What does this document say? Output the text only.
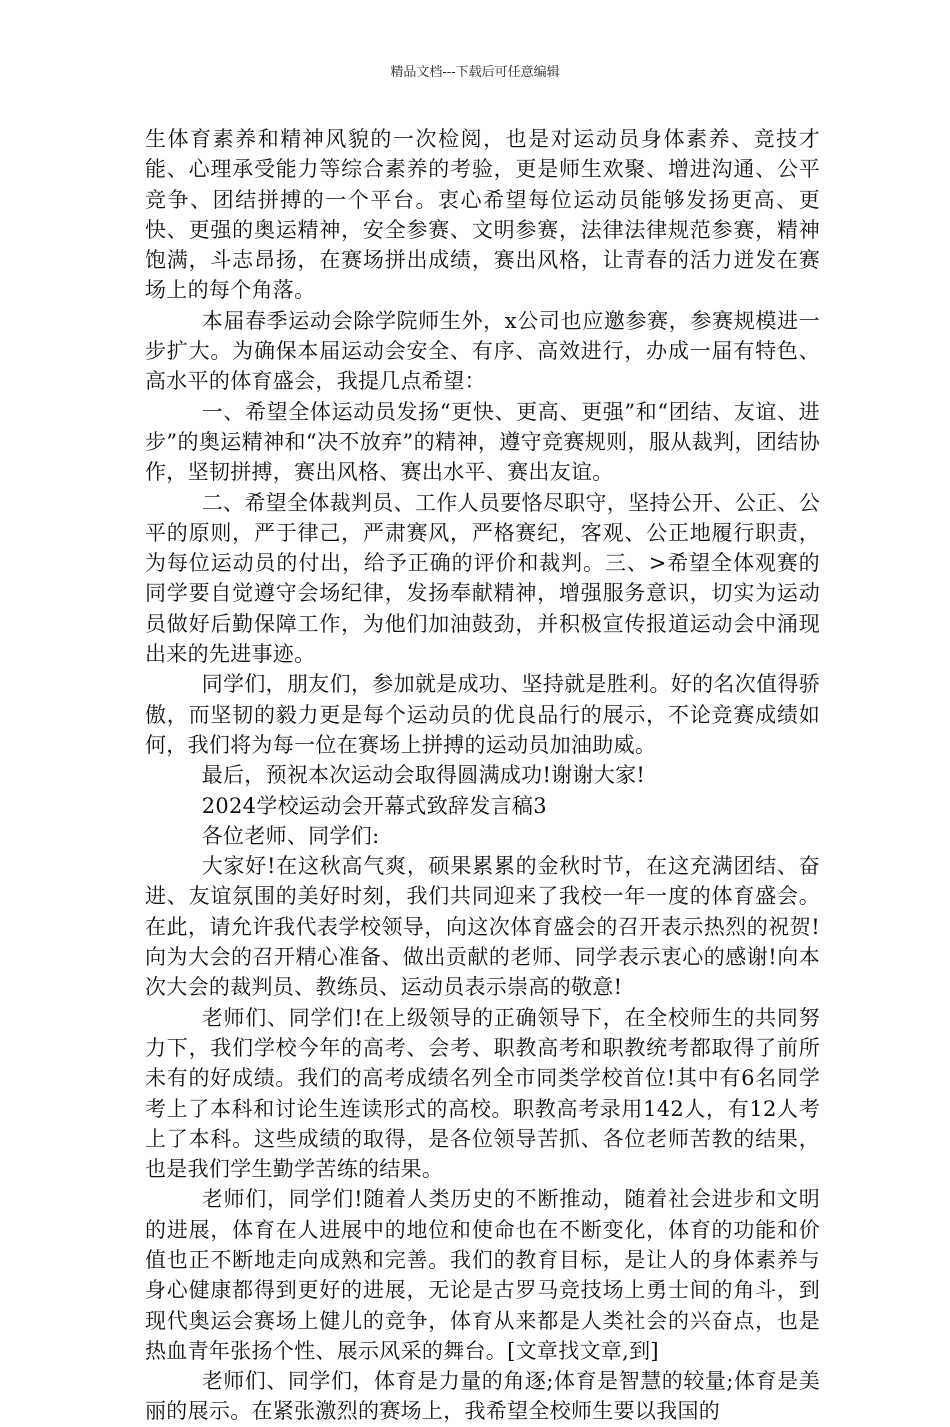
精品文档---下载后可任意编辑

生体育素养和精神风貌的一次检阅，也是对运动员身体素养、竞技才能、心理承受能力等综合素养的考验，更是师生欢聚、增进沟通、公平竞争、团结拼搏的一个平台。衷心希望每位运动员能够发扬更高、更快、更强的奥运精神，安全参赛、文明参赛，法律法律规范参赛，精神饱满，斗志昂扬，在赛场拼出成绩，赛出风格，让青春的活力迸发在赛场上的每个角落。

本届春季运动会除学院师生外，x公司也应邀参赛，参赛规模进一步扩大。为确保本届运动会安全、有序、高效进行，办成一届有特色、高水平的体育盛会，我提几点希望：

一、希望全体运动员发扬“更快、更高、更强”和“团结、友谊、进步”的奥运精神和“决不放弃”的精神，遵守竞赛规则，服从裁判，团结协作，坚韧拼搏，赛出风格、赛出水平、赛出友谊。

二、希望全体裁判员、工作人员要恪尽职守，坚持公开、公正、公平的原则，严于律己，严肃赛风，严格赛纪，客观、公正地履行职责，为每位运动员的付出，给予正确的评价和裁判。三、>希望全体观赛的同学要自觉遵守会场纪律，发扬奉献精神，增强服务意识，切实为运动员做好后勤保障工作，为他们加油鼓劲，并积极宣传报道运动会中涌现出来的先进事迹。

同学们，朋友们，参加就是成功、坚持就是胜利。好的名次值得骄傲，而坚韧的毅力更是每个运动员的优良品行的展示，不论竞赛成绩如何，我们将为每一位在赛场上拼搏的运动员加油助威。

最后，预祝本次运动会取得圆满成功!谢谢大家!

2024学校运动会开幕式致辞发言稿3

各位老师、同学们:

大家好!在这秋高气爽，硕果累累的金秋时节，在这充满团结、奋进、友谊氛围的美好时刻，我们共同迎来了我校一年一度的体育盛会。在此，请允许我代表学校领导，向这次体育盛会的召开表示热烈的祝贺!向为大会的召开精心准备、做出贡献的老师、同学表示衷心的感谢!向本次大会的裁判员、教练员、运动员表示崇高的敬意!

老师们、同学们!在上级领导的正确领导下，在全校师生的共同努力下，我们学校今年的高考、会考、职教高考和职教统考都取得了前所未有的好成绩。我们的高考成绩名列全市同类学校首位!其中有6名同学考上了本科和讨论生连读形式的高校。职教高考录用142人，有12人考上了本科。这些成绩的取得，是各位领导苦抓、各位老师苦教的结果，也是我们学生勤学苦练的结果。

老师们，同学们!随着人类历史的不断推动，随着社会进步和文明的进展，体育在人进展中的地位和使命也在不断变化，体育的功能和价值也正不断地走向成熟和完善。我们的教育目标，是让人的身体素养与身心健康都得到更好的进展，无论是古罗马竞技场上勇士间的角斗，到现代奥运会赛场上健儿的竞争，体育从来都是人类社会的兴奋点，也是热血青年张扬个性、展示风采的舞台。[文章找文章,到]

老师们、同学们，体育是力量的角逐;体育是智慧的较量;体育是美丽的展示。在紧张激烈的赛场上，我希望全校师生要以我国的
